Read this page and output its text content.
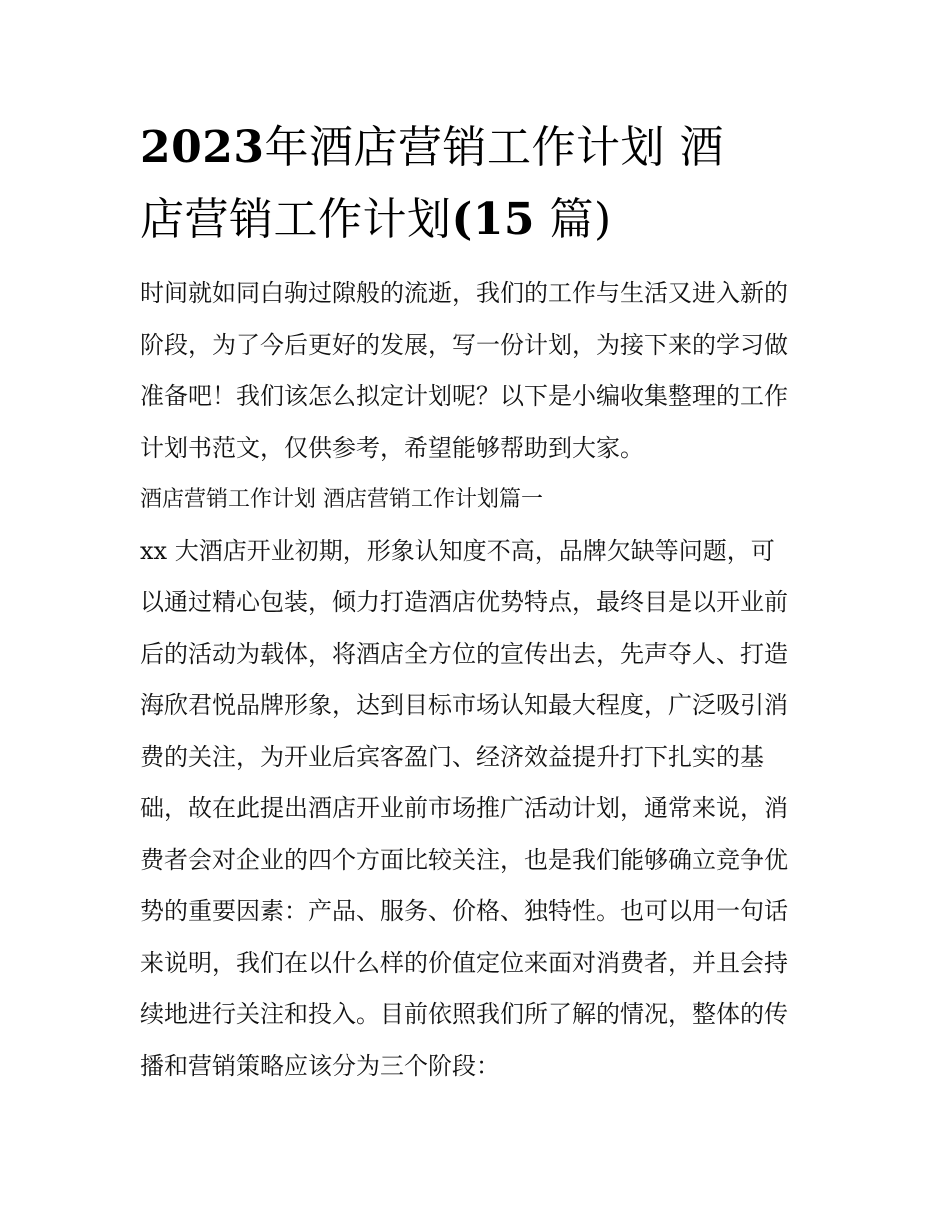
2023年酒店营销工作计划 酒
店营销工作计划(15 篇)

时间就如同白驹过隙般的流逝，我们的工作与生活又进入新的
阶段，为了今后更好的发展，写一份计划，为接下来的学习做
准备吧！我们该怎么拟定计划呢？以下是小编收集整理的工作
计划书范文，仅供参考，希望能够帮助到大家。

酒店营销工作计划 酒店营销工作计划篇一

xx 大酒店开业初期，形象认知度不高，品牌欠缺等问题，可
以通过精心包装，倾力打造酒店优势特点，最终目是以开业前
后的活动为载体，将酒店全方位的宣传出去，先声夺人、打造
海欣君悦品牌形象，达到目标市场认知最大程度，广泛吸引消
费的关注，为开业后宾客盈门、经济效益提升打下扎实的基
础，故在此提出酒店开业前市场推广活动计划，通常来说，消
费者会对企业的四个方面比较关注，也是我们能够确立竞争优
势的重要因素：产品、服务、价格、独特性。也可以用一句话
来说明，我们在以什么样的价值定位来面对消费者，并且会持
续地进行关注和投入。目前依照我们所了解的情况，整体的传
播和营销策略应该分为三个阶段：
